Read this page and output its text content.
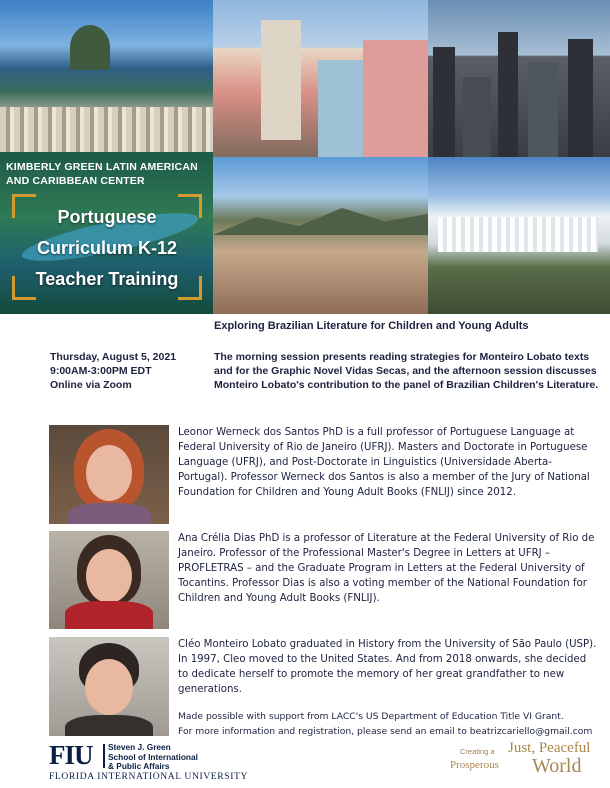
KIMBERLY GREEN LATIN AMERICAN
AND CARIBBEAN CENTER
Portuguese
Curriculum K-12
Teacher Training
Exploring Brazilian Literature for Children and Young Adults
Thursday, August 5, 2021
9:00AM-3:00PM EDT
Online via Zoom
The morning session presents reading strategies for Monteiro Lobato texts and for the Graphic Novel Vidas Secas, and the afternoon session discusses Monteiro Lobato's contribution to the panel of Brazilian Children's Literature.
Leonor Werneck dos Santos PhD is a full professor of Portuguese Language at Federal University of Rio de Janeiro (UFRJ). Masters and Doctorate in Portuguese Language (UFRJ), and Post-Doctorate in Linguistics (Universidade Aberta-Portugal). Professor Werneck dos Santos is also a member of the Jury of National Foundation for Children and Young Adult Books (FNLIJ) since 2012.
Ana Crélia Dias PhD is a professor of Literature at the Federal University of Rio de Janeiro. Professor of the Professional Master's Degree in Letters at UFRJ – PROFLETRAS – and the Graduate Program in Letters at the Federal University of Tocantins. Professor Dias is also a voting member of the National Foundation for Children and Young Adult Books (FNLIJ).
Cléo Monteiro Lobato graduated in History from the University of São Paulo (USP). In 1997, Cleo moved to the United States. And from 2018 onwards, she decided to dedicate herself to promote the memory of her great grandfather to new generations.
Made possible with support from LACC's US Department of Education Title VI Grant.
For more information and registration, please send an email to beatrizcariello@gmail.com
FIU Steven J. Green
School of International
& Public Affairs
FLORIDA INTERNATIONAL UNIVERSITY
Creating a Just, Peaceful
Prosperous World
